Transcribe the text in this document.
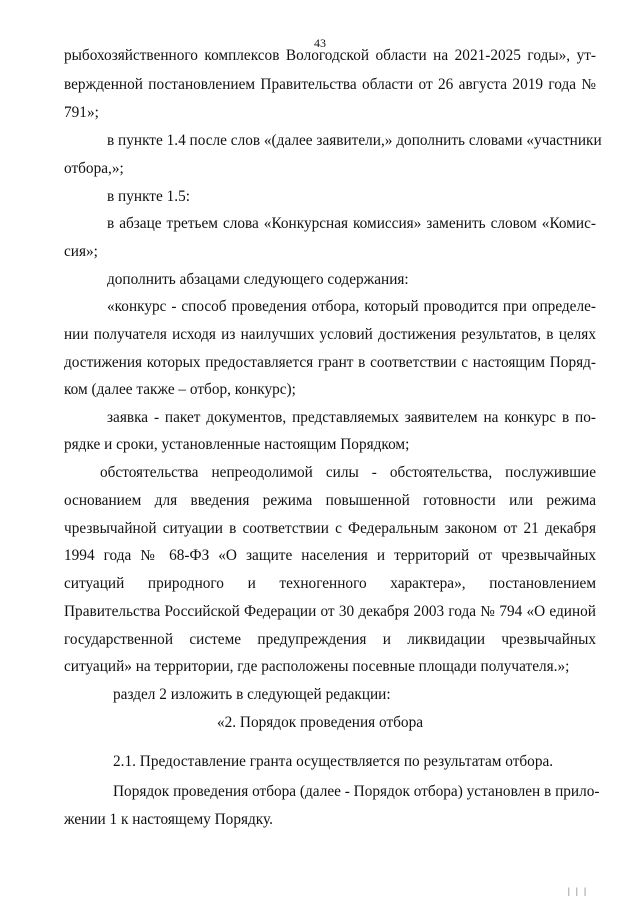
43
рыбохозяйственного комплексов Вологодской области на 2021-2025 годы», ут-
вержденной постановлением Правительства области от 26 августа 2019 года №
791»;
в пункте 1.4 после слов «(далее заявители,» дополнить словами «участники
отбора,»;
в пункте 1.5:
в абзаце третьем слова «Конкурсная комиссия» заменить словом «Комис-
сия»;
дополнить абзацами следующего содержания:
«конкурс - способ проведения отбора, который проводится при определе-
нии получателя исходя из наилучших условий достижения результатов, в целях
достижения которых предоставляется грант в соответствии с настоящим Поряд-
ком (далее также – отбор, конкурс);
заявка - пакет документов, представляемых заявителем на конкурс в по-
рядке и сроки, установленные настоящим Порядком;
обстоятельства непреодолимой силы - обстоятельства, послужившие
основанием для введения режима повышенной готовности или режима
чрезвычайной ситуации в соответствии с Федеральным законом от 21 декабря
1994 года № 68-ФЗ «О защите населения и территорий от чрезвычайных
ситуаций природного и техногенного характера», постановлением
Правительства Российской Федерации от 30 декабря 2003 года № 794 «О единой
государственной системе предупреждения и ликвидации чрезвычайных
ситуаций» на территории, где расположены посевные площади получателя.»;
раздел 2 изложить в следующей редакции:
«2. Порядок проведения отбора
2.1. Предоставление гранта осуществляется по результатам отбора.
Порядок проведения отбора (далее - Порядок отбора) установлен в прило-
жении 1 к настоящему Порядку.
| | |
